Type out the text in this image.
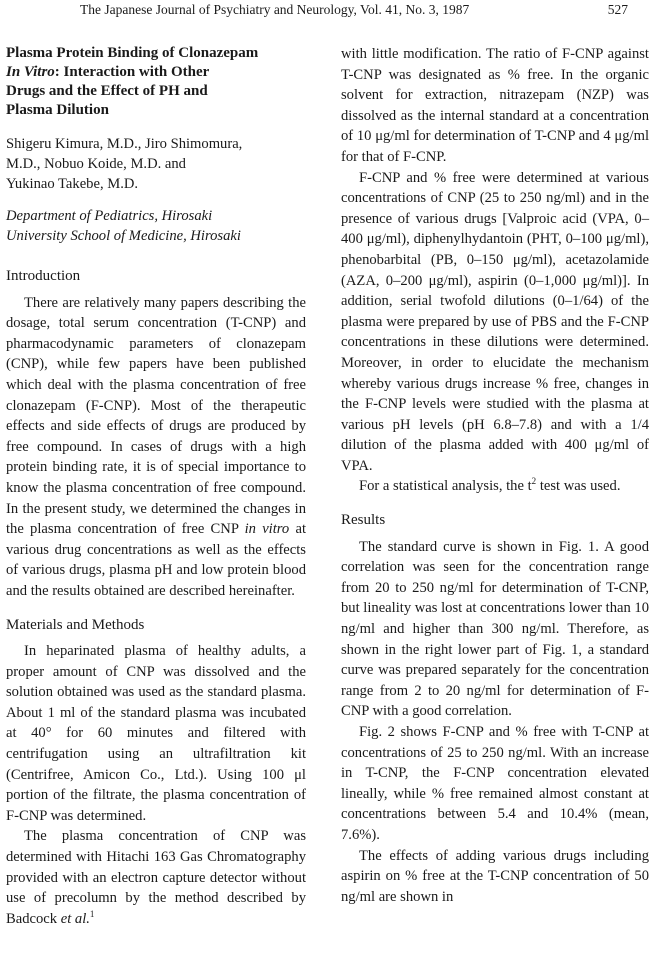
The Japanese Journal of Psychiatry and Neurology, Vol. 41, No. 3, 1987	527
Plasma Protein Binding of Clonazepam
In Vitro: Interaction with Other
Drugs and the Effect of PH and
Plasma Dilution
Shigeru Kimura, M.D., Jiro Shimomura,
M.D., Nobuo Koide, M.D. and
Yukinao Takebe, M.D.
Department of Pediatrics, Hirosaki
University School of Medicine, Hirosaki
Introduction

There are relatively many papers describing the dosage, total serum concentration (T-CNP) and pharmacodynamic parameters of clonazepam (CNP), while few papers have been published which deal with the plasma concentration of free clonazepam (F-CNP). Most of the therapeutic effects and side effects of drugs are produced by free compound. In cases of drugs with a high protein binding rate, it is of special importance to know the plasma concentration of free compound. In the present study, we determined the changes in the plasma concentration of free CNP in vitro at various drug concentrations as well as the effects of various drugs, plasma pH and low protein blood and the results obtained are described hereinafter.

Materials and Methods

In heparinated plasma of healthy adults, a proper amount of CNP was dissolved and the solution obtained was used as the standard plasma. About 1 ml of the standard plasma was incubated at 40° for 60 minutes and filtered with centrifugation using an ultrafiltration kit (Centrifree, Amicon Co., Ltd.). Using 100 μl portion of the filtrate, the plasma concentration of F-CNP was determined.

The plasma concentration of CNP was determined with Hitachi 163 Gas Chromatography provided with an electron capture detector without use of precolumn by the method described by Badcock et al.$^1$

with little modification. The ratio of F-CNP against T-CNP was designated as % free. In the organic solvent for extraction, nitrazepam (NZP) was dissolved as the internal standard at a concentration of 10 μg/ml for determination of T-CNP and 4 μg/ml for that of F-CNP.

F-CNP and % free were determined at various concentrations of CNP (25 to 250 ng/ml) and in the presence of various drugs [Valproic acid (VPA, 0–400 μg/ml), diphenylhydantoin (PHT, 0–100 μg/ml), phenobarbital (PB, 0–150 μg/ml), acetazolamide (AZA, 0–200 μg/ml), aspirin (0–1,000 μg/ml)]. In addition, serial twofold dilutions (0–1/64) of the plasma were prepared by use of PBS and the F-CNP concentrations in these dilutions were determined. Moreover, in order to elucidate the mechanism whereby various drugs increase % free, changes in the F-CNP levels were studied with the plasma at various pH levels (pH 6.8–7.8) and with a 1/4 dilution of the plasma added with 400 μg/ml of VPA.

For a statistical analysis, the $t^2$ test was used.

Results

The standard curve is shown in Fig. 1. A good correlation was seen for the concentration range from 20 to 250 ng/ml for determination of T-CNP, but lineality was lost at concentrations lower than 10 ng/ml and higher than 300 ng/ml. Therefore, as shown in the right lower part of Fig. 1, a standard curve was prepared separately for the concentration range from 2 to 20 ng/ml for determination of F-CNP with a good correlation.

Fig. 2 shows F-CNP and % free with T-CNP at concentrations of 25 to 250 ng/ml. With an increase in T-CNP, the F-CNP concentration elevated lineally, while % free remained almost constant at concentrations between 5.4 and 10.4% (mean, 7.6%).

The effects of adding various drugs including aspirin on % free at the T-CNP concentration of 50 ng/ml are shown in
